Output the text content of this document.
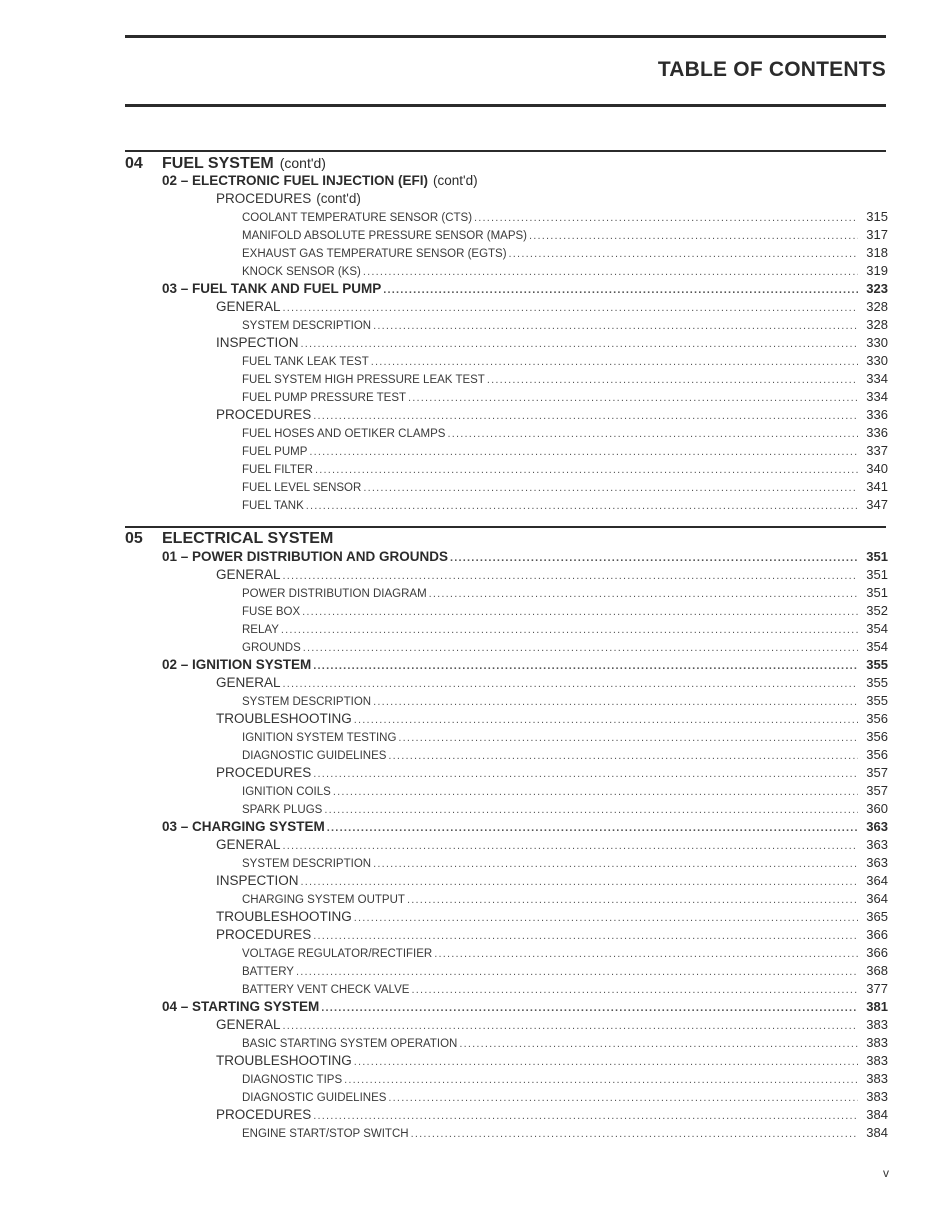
TABLE OF CONTENTS
04	FUEL SYSTEM (cont'd)
02 – ELECTRONIC FUEL INJECTION (EFI) (cont'd)
PROCEDURES (cont'd)
COOLANT TEMPERATURE SENSOR (CTS) .....	315
MANIFOLD ABSOLUTE PRESSURE SENSOR (MAPS) .....	317
EXHAUST GAS TEMPERATURE SENSOR (EGTS) .....	318
KNOCK SENSOR (KS) .....	319
03 – FUEL TANK AND FUEL PUMP .....	323
GENERAL .....	328
SYSTEM DESCRIPTION .....	328
INSPECTION .....	330
FUEL TANK LEAK TEST .....	330
FUEL SYSTEM HIGH PRESSURE LEAK TEST .....	334
FUEL PUMP PRESSURE TEST .....	334
PROCEDURES .....	336
FUEL HOSES AND OETIKER CLAMPS .....	336
FUEL PUMP .....	337
FUEL FILTER .....	340
FUEL LEVEL SENSOR .....	341
FUEL TANK .....	347
05	ELECTRICAL SYSTEM
01 – POWER DISTRIBUTION AND GROUNDS .....	351
GENERAL .....	351
POWER DISTRIBUTION DIAGRAM .....	351
FUSE BOX .....	352
RELAY .....	354
GROUNDS .....	354
02 – IGNITION SYSTEM .....	355
GENERAL .....	355
SYSTEM DESCRIPTION .....	355
TROUBLESHOOTING .....	356
IGNITION SYSTEM TESTING .....	356
DIAGNOSTIC GUIDELINES .....	356
PROCEDURES .....	357
IGNITION COILS .....	357
SPARK PLUGS .....	360
03 – CHARGING SYSTEM .....	363
GENERAL .....	363
SYSTEM DESCRIPTION .....	363
INSPECTION .....	364
CHARGING SYSTEM OUTPUT .....	364
TROUBLESHOOTING .....	365
PROCEDURES .....	366
VOLTAGE REGULATOR/RECTIFIER .....	366
BATTERY .....	368
BATTERY VENT CHECK VALVE .....	377
04 – STARTING SYSTEM .....	381
GENERAL .....	383
BASIC STARTING SYSTEM OPERATION .....	383
TROUBLESHOOTING .....	383
DIAGNOSTIC TIPS .....	383
DIAGNOSTIC GUIDELINES .....	383
PROCEDURES .....	384
ENGINE START/STOP SWITCH .....	384
v
